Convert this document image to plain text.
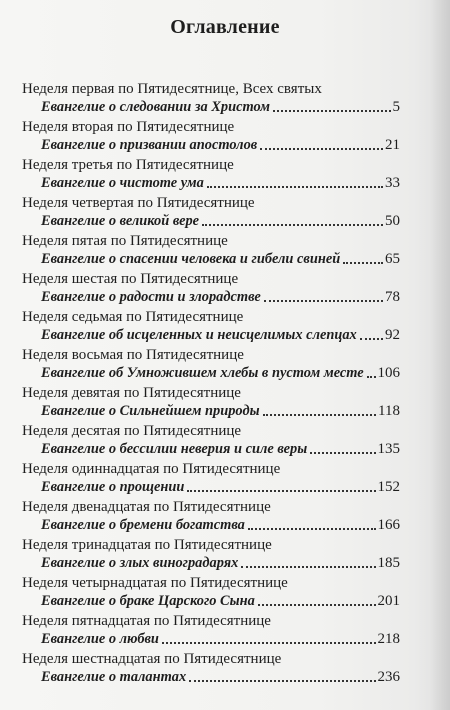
Оглавление
Неделя первая по Пятидесятнице, Всех святых
Евангелие о следовании за Христом	5
Неделя вторая по Пятидесятнице
Евангелие о призвании апостолов	21
Неделя третья по Пятидесятнице
Евангелие о чистоте ума	33
Неделя четвертая по Пятидесятнице
Евангелие о великой вере	50
Неделя пятая по Пятидесятнице
Евангелие о спасении человека и гибели свиней	65
Неделя шестая по Пятидесятнице
Евангелие о радости и злорадстве	78
Неделя седьмая по Пятидесятнице
Евангелие об исцеленных и неисцелимых слепцах 92
Неделя восьмая по Пятидесятнице
Евангелие об Умножившем хлебы в пустом месте 106
Неделя девятая по Пятидесятнице
Евангелие о Сильнейшем природы	118
Неделя десятая по Пятидесятнице
Евангелие о бессилии неверия и силе веры	135
Неделя одиннадцатая по Пятидесятнице
Евангелие о прощении	152
Неделя двенадцатая по Пятидесятнице
Евангелие о бремени богатства	166
Неделя тринадцатая по Пятидесятнице
Евангелие о злых виноградарях	185
Неделя четырнадцатая по Пятидесятнице
Евангелие о браке Царского Сына	201
Неделя пятнадцатая по Пятидесятнице
Евангелие о любви	218
Неделя шестнадцатая по Пятидесятнице
Евангелие о талантах	236
